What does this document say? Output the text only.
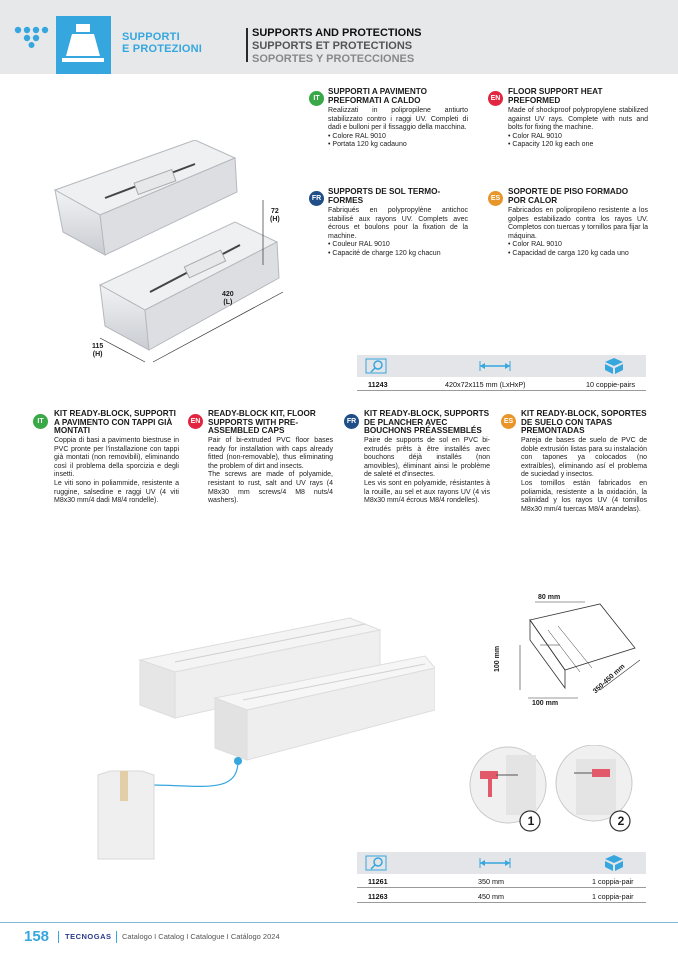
SUPPORTI
E PROTEZIONI
SUPPORTS AND PROTECTIONS
SUPPORTS ET PROTECTIONS
SOPORTES Y PROTECCIONES
72
(H)
420
(L)
115
(H)
IT
SUPPORTI A PAVIMENTO PREFORMATI A CALDO
Realizzati in polipropilene antiurto stabilizzato contro i raggi UV. Completi di dadi e bulloni per il fissaggio della macchina.
• Colore RAL 9010
• Portata 120 kg cadauno
EN
FLOOR SUPPORT HEAT PREFORMED
Made of shockproof polypropylene stabilized against UV rays. Complete with nuts and bolts for fixing the machine.
• Color RAL 9010
• Capacity 120 kg each one
FR
SUPPORTS DE SOL TERMO-FORMES
Fabriqués en polypropylène antichoc stabilisé aux rayons UV. Complets avec écrous et boulons pour la fixation de la machine.
• Couleur RAL 9010
• Capacité de charge 120 kg chacun
ES
SOPORTE DE PISO FORMADO POR CALOR
Fabricados en polipropileno resistente a los golpes estabilizado contra los rayos UV. Completos con tuercas y tornillos para fijar la máquina.
• Color RAL 9010
• Capacidad de carga 120 kg cada uno
11243	420x72x115 mm (LxHxP)	10 coppie-pairs
IT
KIT READY-BLOCK, SUPPORTI A PAVIMENTO CON TAPPI GIÀ MONTATI
Coppia di basi a pavimento biestruse in PVC pronte per l'installazione con tappi già montati (non removibili), eliminando così il problema della sporcizia e degli insetti.
Le viti sono in poliammide, resistente a ruggine, salsedine e raggi UV (4 viti M8x30 mm/4 dadi M8/4 rondelle).
EN
READY-BLOCK KIT, FLOOR SUPPORTS WITH PRE-ASSEMBLED CAPS
Pair of bi-extruded PVC floor bases ready for installation with caps already fitted (non-removable), thus eliminating the problem of dirt and insects.
The screws are made of polyamide, resistant to rust, salt and UV rays (4 M8x30 mm screws/4 M8 nuts/4 washers).
FR
KIT READY-BLOCK, SUPPORTS DE PLANCHER AVEC BOUCHONS PRÉASSEMBLÉS
Paire de supports de sol en PVC bi-extrudés prêts à être installés avec bouchons déjà installés (non amovibles), éliminant ainsi le problème de saleté et d'insectes.
Les vis sont en polyamide, résistantes à la rouille, au sel et aux rayons UV (4 vis M8x30 mm/4 écrous M8/4 rondelles).
ES
KIT READY-BLOCK, SOPORTES DE SUELO CON TAPAS PREMONTADAS
Pareja de bases de suelo de PVC de doble extrusión listas para su instalación con tapones ya colocados (no extraíbles), eliminando así el problema de suciedad y insectos.
Los tornillos están fabricados en poliamida, resistente a la oxidación, la salinidad y los rayos UV (4 tornillos M8x30 mm/4 tuercas M8/4 arandelas).
80 mm
100 mm
100 mm
350-450 mm
1	2
11261	350 mm	1 coppia-pair
11263	450 mm	1 coppia-pair
158 TECNOGAS Catalogo I Catalog I Catalogue I Catálogo 2024
